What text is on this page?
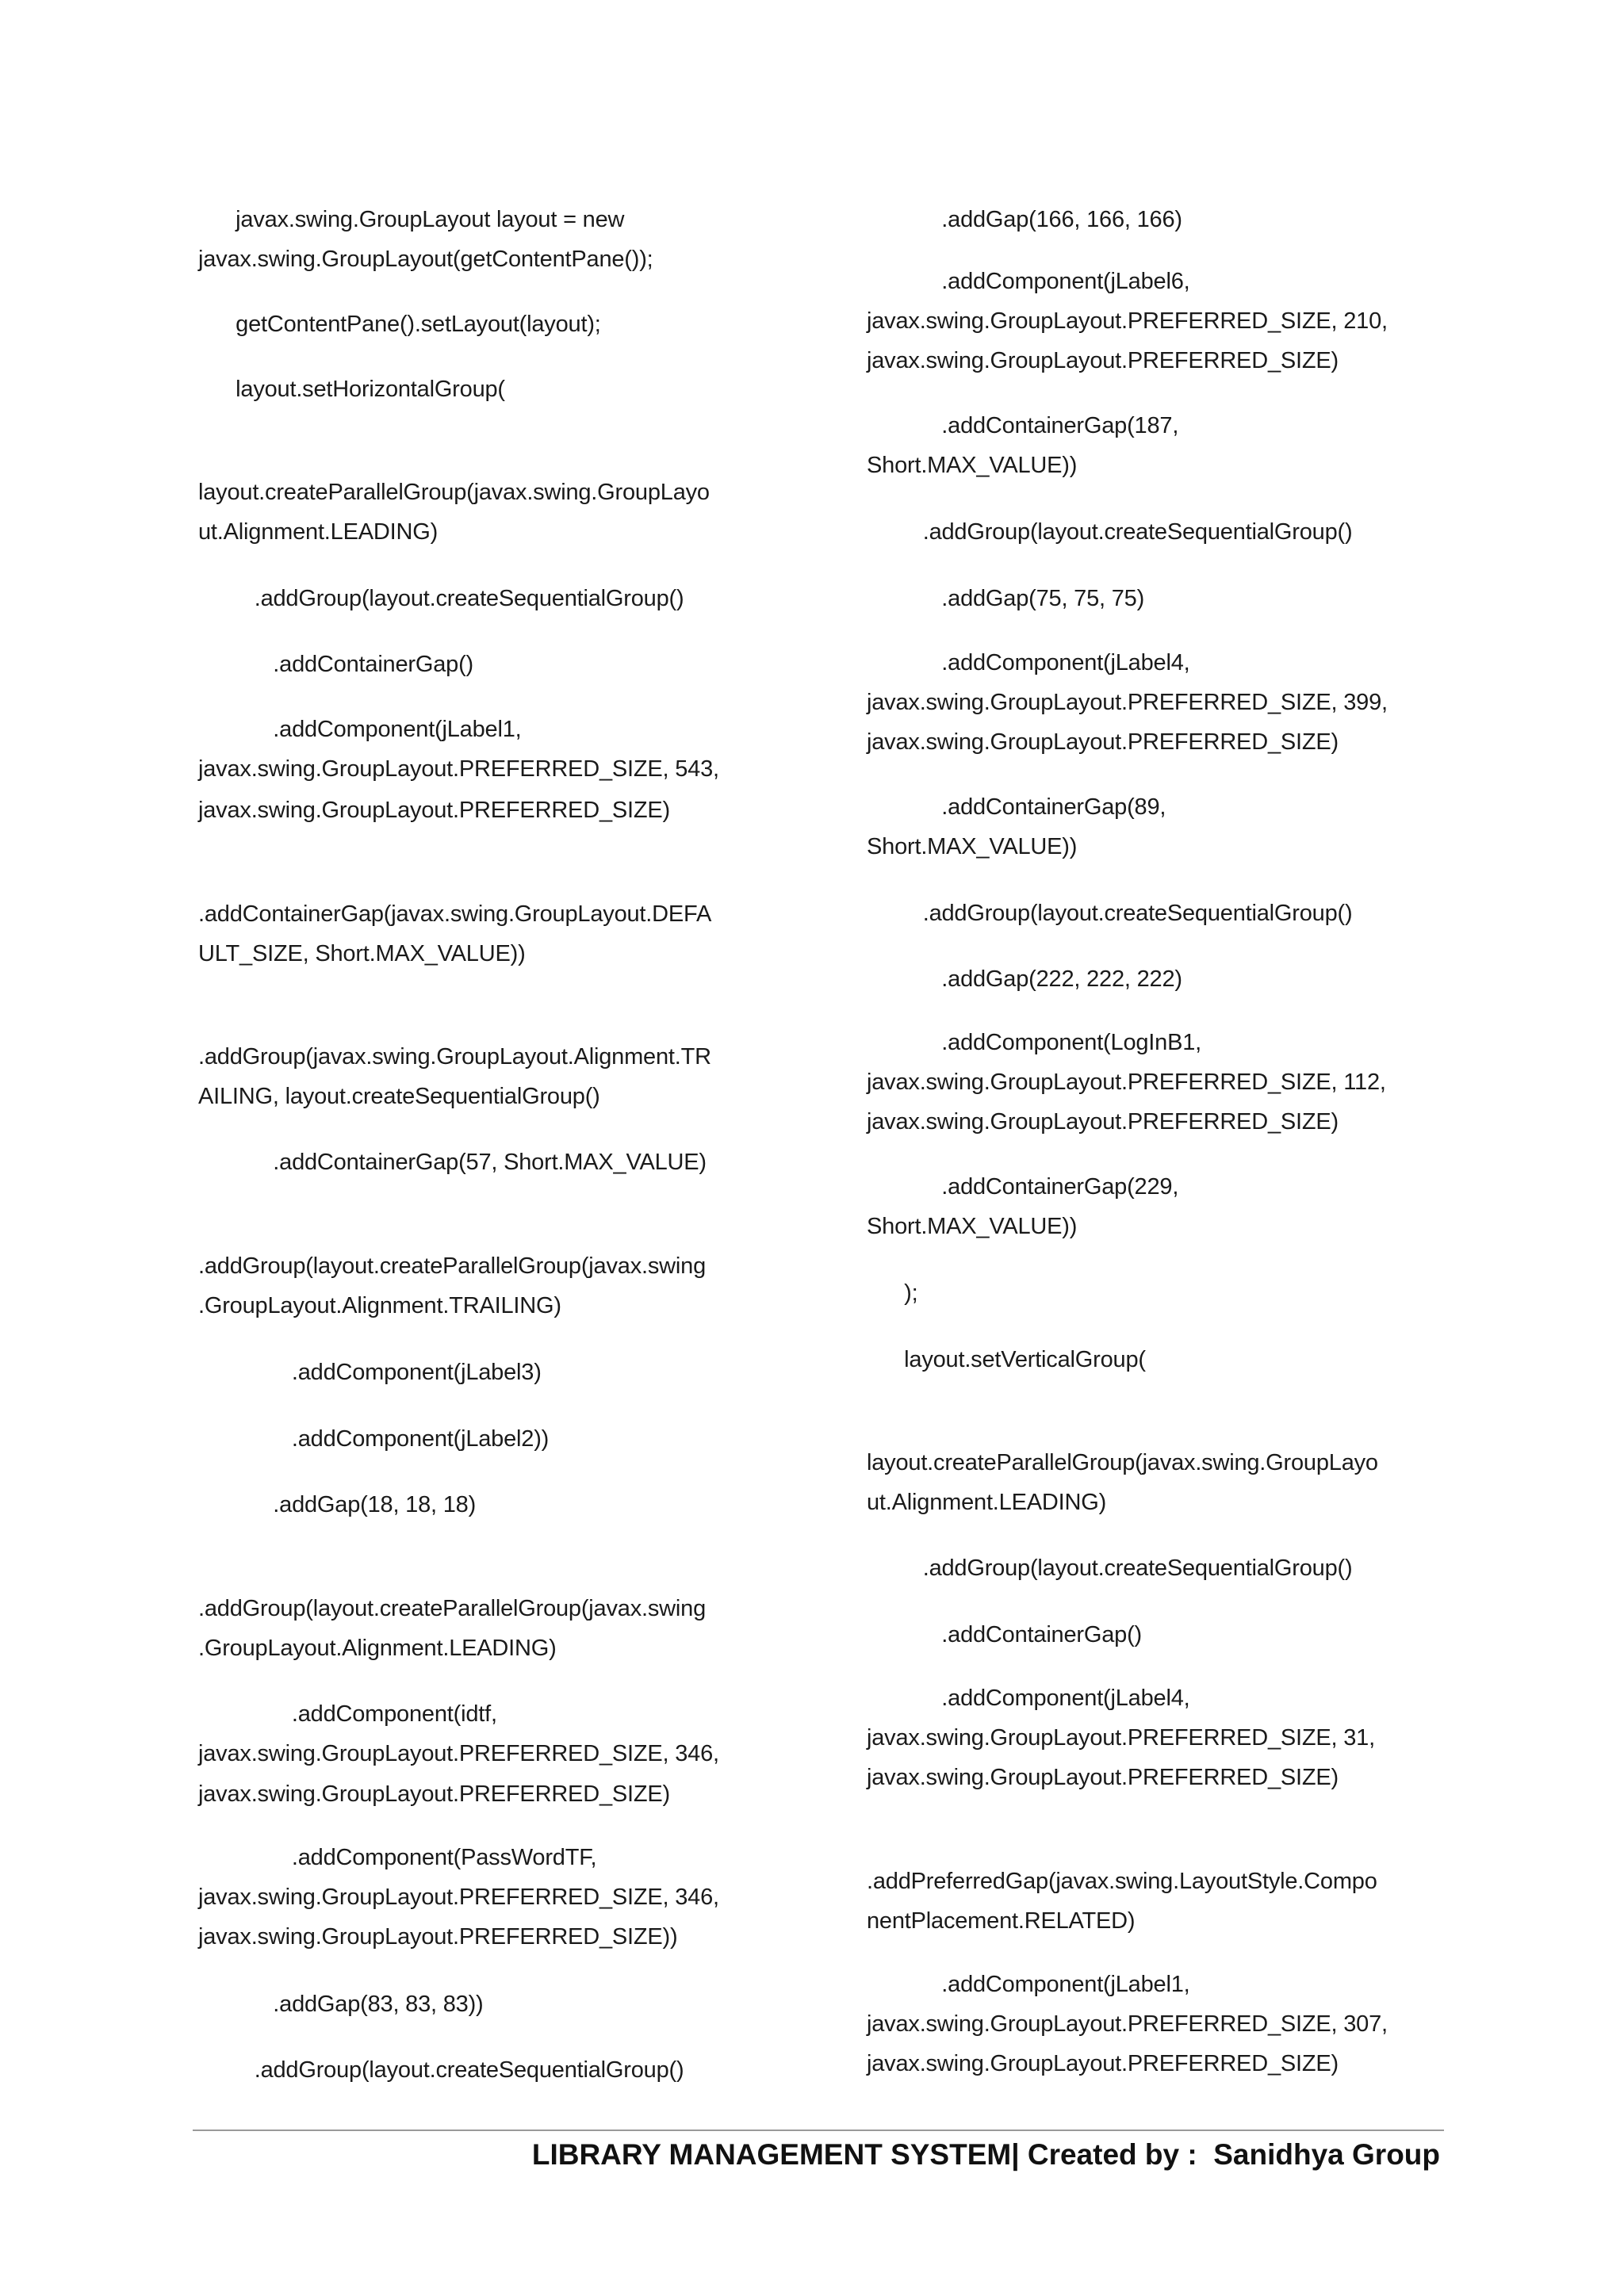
javax.swing.GroupLayout layout = new
javax.swing.GroupLayout(getContentPane());
getContentPane().setLayout(layout);
layout.setHorizontalGroup(
layout.createParallelGroup(javax.swing.GroupLayo
ut.Alignment.LEADING)
.addGroup(layout.createSequentialGroup()
.addContainerGap()
.addComponent(jLabel1,
javax.swing.GroupLayout.PREFERRED_SIZE, 543,
javax.swing.GroupLayout.PREFERRED_SIZE)
.addContainerGap(javax.swing.GroupLayout.DEFA
ULT_SIZE, Short.MAX_VALUE))
.addGroup(javax.swing.GroupLayout.Alignment.TR
AILING, layout.createSequentialGroup()
.addContainerGap(57, Short.MAX_VALUE)
.addGroup(layout.createParallelGroup(javax.swing
.GroupLayout.Alignment.TRAILING)
.addComponent(jLabel3)
.addComponent(jLabel2))
.addGap(18, 18, 18)
.addGroup(layout.createParallelGroup(javax.swing
.GroupLayout.Alignment.LEADING)
.addComponent(idtf,
javax.swing.GroupLayout.PREFERRED_SIZE, 346,
javax.swing.GroupLayout.PREFERRED_SIZE)
.addComponent(PassWordTF,
javax.swing.GroupLayout.PREFERRED_SIZE, 346,
javax.swing.GroupLayout.PREFERRED_SIZE))
.addGap(83, 83, 83))
.addGroup(layout.createSequentialGroup()
.addGap(166, 166, 166)
.addComponent(jLabel6,
javax.swing.GroupLayout.PREFERRED_SIZE, 210,
javax.swing.GroupLayout.PREFERRED_SIZE)
.addContainerGap(187,
Short.MAX_VALUE))
.addGroup(layout.createSequentialGroup()
.addGap(75, 75, 75)
.addComponent(jLabel4,
javax.swing.GroupLayout.PREFERRED_SIZE, 399,
javax.swing.GroupLayout.PREFERRED_SIZE)
.addContainerGap(89,
Short.MAX_VALUE))
.addGroup(layout.createSequentialGroup()
.addGap(222, 222, 222)
.addComponent(LogInB1,
javax.swing.GroupLayout.PREFERRED_SIZE, 112,
javax.swing.GroupLayout.PREFERRED_SIZE)
.addContainerGap(229,
Short.MAX_VALUE))
);
layout.setVerticalGroup(
layout.createParallelGroup(javax.swing.GroupLayo
ut.Alignment.LEADING)
.addGroup(layout.createSequentialGroup()
.addContainerGap()
.addComponent(jLabel4,
javax.swing.GroupLayout.PREFERRED_SIZE, 31,
javax.swing.GroupLayout.PREFERRED_SIZE)
.addPreferredGap(javax.swing.LayoutStyle.Compo
nentPlacement.RELATED)
.addComponent(jLabel1,
javax.swing.GroupLayout.PREFERRED_SIZE, 307,
javax.swing.GroupLayout.PREFERRED_SIZE)
LIBRARY MANAGEMENT SYSTEM| Created by :  Sanidhya Group
